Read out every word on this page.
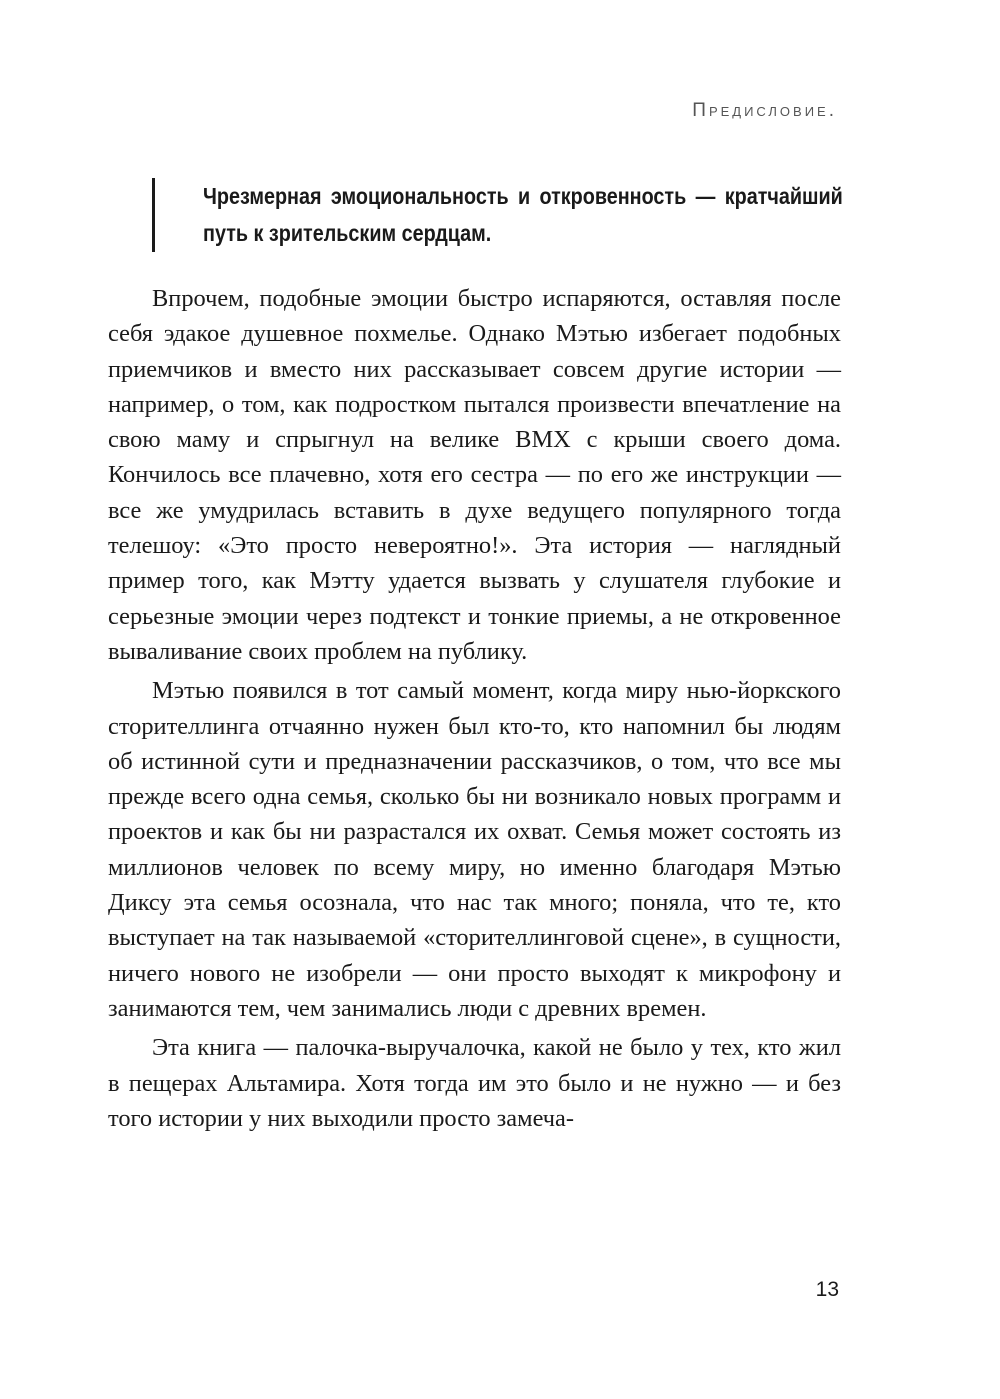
Предисловие.

Чрезмерная эмоциональность и откровенность — кратчайший путь к зрительским сердцам.

Впрочем, подобные эмоции быстро испаряются, оставляя после себя эдакое душевное похмелье. Однако Мэтью избегает подобных приемчиков и вместо них рассказывает совсем другие истории — например, о том, как подростком пытался произвести впечатление на свою маму и спрыгнул на велике BMX с крыши своего дома. Кончилось все плачевно, хотя его сестра — по его же инструкции — все же умудрилась вставить в духе ведущего популярного тогда телешоу: «Это просто невероятно!». Эта история — наглядный пример того, как Мэтту удается вызвать у слушателя глубокие и серьезные эмоции через подтекст и тонкие приемы, а не откровенное вываливание своих проблем на публику.

Мэтью появился в тот самый момент, когда миру нью-йоркского сторителлинга отчаянно нужен был кто-то, кто напомнил бы людям об истинной сути и предназначении рассказчиков, о том, что все мы прежде всего одна семья, сколько бы ни возникало новых программ и проектов и как бы ни разрастался их охват. Семья может состоять из миллионов человек по всему миру, но именно благодаря Мэтью Диксу эта семья осознала, что нас так много; поняла, что те, кто выступает на так называемой «сторителлинговой сцене», в сущности, ничего нового не изобрели — они просто выходят к микрофону и занимаются тем, чем занимались люди с древних времен.

Эта книга — палочка-выручалочка, какой не было у тех, кто жил в пещерах Альтамира. Хотя тогда им это было и не нужно — и без того истории у них выходили просто замеча-

13
